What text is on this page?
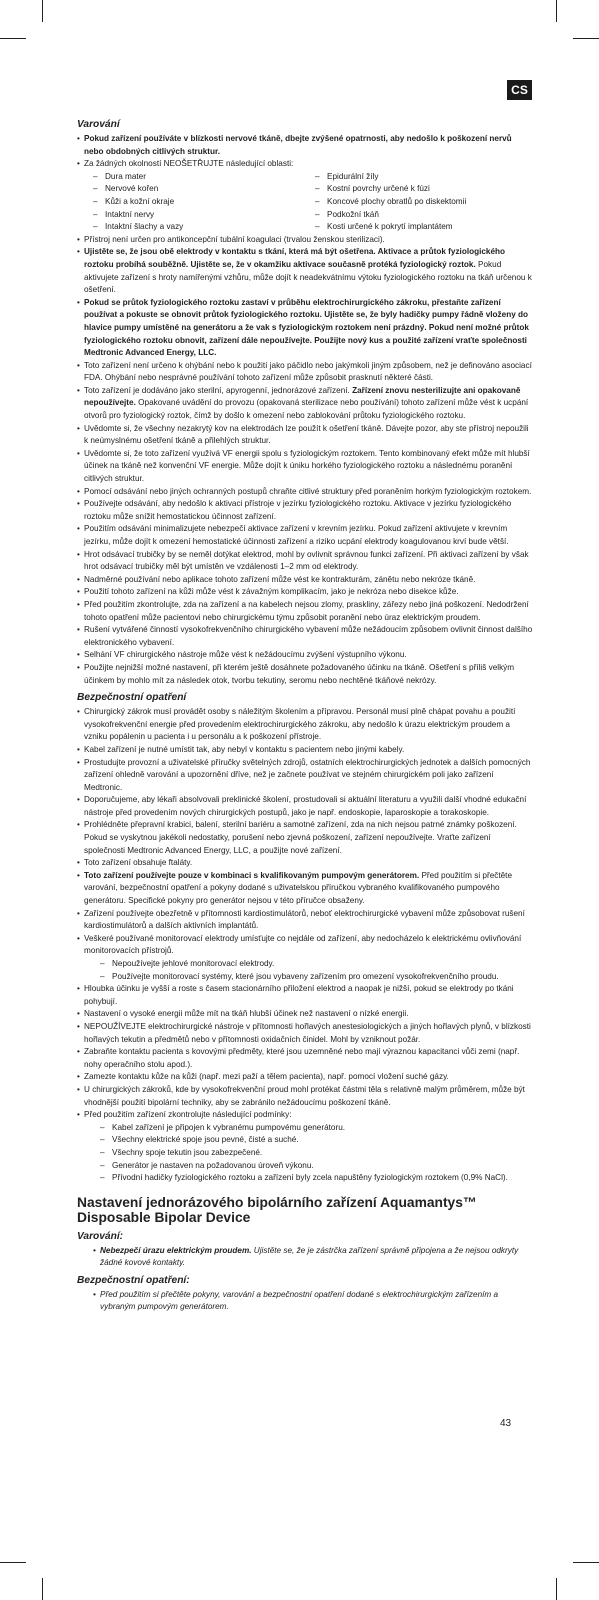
CS
Varování
• Pokud zařízení používáte v blízkosti nervové tkáně, dbejte zvýšené opatrnosti, aby nedošlo k poškození nervů nebo obdobných citlivých struktur.
• Za žádných okolností NEOŠETŘUJTE následující oblasti:
– Dura mater
– Nervové kořen
– Kůži a kožní okraje
– Intaktní nervy
– Intaktní šlachy a vazy
– Epidurální žíly
– Kostní povrchy určené k fúzi
– Koncové plochy obratlů po diskektomii
– Podkožní tkáň
– Kosti určené k pokrytí implantátem
• Přístroj není určen pro antikoncepční tubální koagulaci (trvalou ženskou sterilizaci).
• Ujistěte se, že jsou obě elektrody v kontaktu s tkání, která má být ošetřena. Aktivace a průtok fyziologického roztoku probíhá souběžně. Ujistěte se, že v okamžiku aktivace současně protéká fyziologický roztok. Pokud aktivujete zařízení s hroty namířenými vzhůru, může dojít k neadekvátnímu výtoku fyziologického roztoku na tkáň určenou k ošetření.
• Pokud se průtok fyziologického roztoku zastaví v průběhu elektrochirurgického zákroku, přestaňte zařízení používat a pokuste se obnovit průtok fyziologického roztoku. Ujistěte se, že byly hadičky pumpy řádně vloženy do hlavice pumpy umístěné na generátoru a že vak s fyziologickým roztokem není prázdný. Pokud není možné průtok fyziologického roztoku obnovit, zařízení dále nepoužívejte. Použijte nový kus a použité zařízení vraťte společnosti Medtronic Advanced Energy, LLC.
• Toto zařízení není určeno k ohýbání nebo k použití jako páčidlo nebo jakýmkoli jiným způsobem, než je definováno asociací FDA. Ohýbání nebo nesprávné používání tohoto zařízení může způsobit prasknutí některé části.
• Toto zařízení je dodáváno jako sterilní, apyrogenní, jednorázové zařízení. Zařízení znovu nesterilizujte ani opakovaně nepoužívejte. Opakované uvádění do provozu (opakovaná sterilizace nebo používání) tohoto zařízení může vést k ucpání otvorů pro fyziologický roztok, čímž by došlo k omezení nebo zablokování průtoku fyziologického roztoku.
• Uvědomte si, že všechny nezakrytý kov na elektrodách lze použít k ošetření tkáně. Dávejte pozor, aby ste přístroj nepoužili k neúmyslnému ošetření tkáně a přilehlých struktur.
• Uvědomte si, že toto zařízení využívá VF energii spolu s fyziologickým roztokem. Tento kombinovaný efekt může mít hlubší účinek na tkáně než konvenční VF energie. Může dojít k úniku horkého fyziologického roztoku a následnému poranění citlivých struktur.
• Pomocí odsávání nebo jiných ochranných postupů chraňte citlivé struktury před poraněním horkým fyziologickým roztokem.
• Používejte odsávání, aby nedošlo k aktivaci přístroje v jezírku fyziologického roztoku. Aktivace v jezírku fyziologického roztoku může snížit hemostatickou účinnost zařízení.
• Použitím odsávání minimalizujete nebezpečí aktivace zařízení v krevním jezírku. Pokud zařízení aktivujete v krevním jezírku, může dojít k omezení hemostatické účinnosti zařízení a riziko ucpání elektrody koagulovanou krví bude větší.
• Hrot odsávací trubičky by se neměl dotýkat elektrod, mohl by ovlivnit správnou funkci zařízení. Při aktivaci zařízení by však hrot odsávací trubičky měl být umístěn ve vzdálenosti 1–2 mm od elektrody.
• Nadměrné používání nebo aplikace tohoto zařízení může vést ke kontrakturám, zánětu nebo nekróze tkáně.
• Použití tohoto zařízení na kůži může vést k závažným komplikacím, jako je nekróza nebo disekce kůže.
• Před použitím zkontrolujte, zda na zařízení a na kabelech nejsou zlomy, praskliny, zářezy nebo jiná poškození. Nedodržení tohoto opatření může pacientovi nebo chirurgickému týmu způsobit poranění nebo úraz elektrickým proudem.
• Rušení vytvářené činností vysokofrekvenčního chirurgického vybavení může nežádoucím způsobem ovlivnit činnost dalšího elektronického vybavení.
• Selhání VF chirurgického nástroje může vést k nežádoucímu zvýšení výstupního výkonu.
• Použijte nejnižší možné nastavení, při kterém ještě dosáhnete požadovaného účinku na tkáně. Ošetření s příliš velkým účinkem by mohlo mít za následek otok, tvorbu tekutiny, seromu nebo nechtěné tkáňové nekrózy.
Bezpečnostní opatření
• Chirurgický zákrok musí provádět osoby s náležitým školením a přípravou. Personál musí plně chápat povahu a použití vysokofrekvenční energie před provedením elektrochirurgického zákroku, aby nedošlo k úrazu elektrickým proudem a vzniku popálenin u pacienta i u personálu a k poškození přístroje.
• Kabel zařízení je nutné umístit tak, aby nebyl v kontaktu s pacientem nebo jinými kabely.
• Prostudujte provozní a uživatelské příručky světelných zdrojů, ostatních elektrochirurgických jednotek a dalších pomocných zařízení ohledně varování a upozornění dříve, než je začnete používat ve stejném chirurgickém poli jako zařízení Medtronic.
• Doporučujeme, aby lékaři absolvovali preklinické školení, prostudovali si aktuální literaturu a využili další vhodné edukační nástroje před provedením nových chirurgických postupů, jako je např. endoskopie, laparoskopie a torakoskopie.
• Prohlédněte přepravní krabici, balení, sterilní bariéru a samotné zařízení, zda na nich nejsou patrné známky poškození. Pokud se vyskytnou jakékoli nedostatky, porušení nebo zjevná poškození, zařízení nepoužívejte. Vraťte zařízení společnosti Medtronic Advanced Energy, LLC, a použijte nové zařízení.
• Toto zařízení obsahuje ftaláty.
• Toto zařízení používejte pouze v kombinaci s kvalifikovaným pumpovým generátorem. Před použitím si přečtěte varování, bezpečnostní opatření a pokyny dodané s uživatelskou příručkou vybraného kvalifikovaného pumpového generátoru. Specifické pokyny pro generátor nejsou v této příručce obsaženy.
• Zařízení používejte obezřetně v přítomnosti kardiostimulátorů, neboť elektrochirurgické vybavení může způsobovat rušení kardiostimulátorů a dalších aktivních implantátů.
• Veškeré používané monitorovací elektrody umísťujte co nejdále od zařízení, aby nedocházelo k elektrickému ovlivňování monitorovacích přístrojů.
– Nepoužívejte jehlové monitorovací elektrody.
– Používejte monitorovací systémy, které jsou vybaveny zařízením pro omezení vysokofrekvenčního proudu.
• Hloubka účinku je vyšší a roste s časem stacionárního přiložení elektrod a naopak je nižší, pokud se elektrody po tkáni pohybují.
• Nastavení o vysoké energii může mít na tkáň hlubší účinek než nastavení o nízké energii.
• NEPOUŽÍVEJTE elektrochirurgické nástroje v přítomnosti hořlavých anestesiologických a jiných hořlavých plynů, v blízkosti hořlavých tekutin a předmětů nebo v přítomnosti oxidačních činidel. Mohl by vzniknout požár.
• Zabraňte kontaktu pacienta s kovovými předměty, které jsou uzemněné nebo mají výraznou kapacitanci vůči zemi (např. nohy operačního stolu apod.).
• Zamezte kontaktu kůže na kůži (např. mezi paží a tělem pacienta), např. pomocí vložení suché gázy.
• U chirurgických zákroků, kde by vysokofrekvenční proud mohl protékat částmi těla s relativně malým průměrem, může být vhodnější použití bipolární techniky, aby se zabránilo nežádoucímu poškození tkáně.
• Před použitím zařízení zkontrolujte následující podmínky:
– Kabel zařízení je připojen k vybranému pumpovému generátoru.
– Všechny elektrické spoje jsou pevné, čisté a suché.
– Všechny spoje tekutin jsou zabezpečené.
– Generátor je nastaven na požadovanou úroveň výkonu.
– Přívodní hadičky fyziologického roztoku a zařízení byly zcela napuštěny fyziologickým roztokem (0,9% NaCl).
Nastavení jednorázového bipolárního zařízení Aquamantys™ Disposable Bipolar Device
Varování:
• Nebezpečí úrazu elektrickým proudem. Ujistěte se, že je zástrčka zařízení správně připojena a že nejsou odkryty žádné kovové kontakty.
Bezpečnostní opatření:
• Před použitím si přečtěte pokyny, varování a bezpečnostní opatření dodané s elektrochirurgickým zařízením a vybraným pumpovým generátorem.
43
